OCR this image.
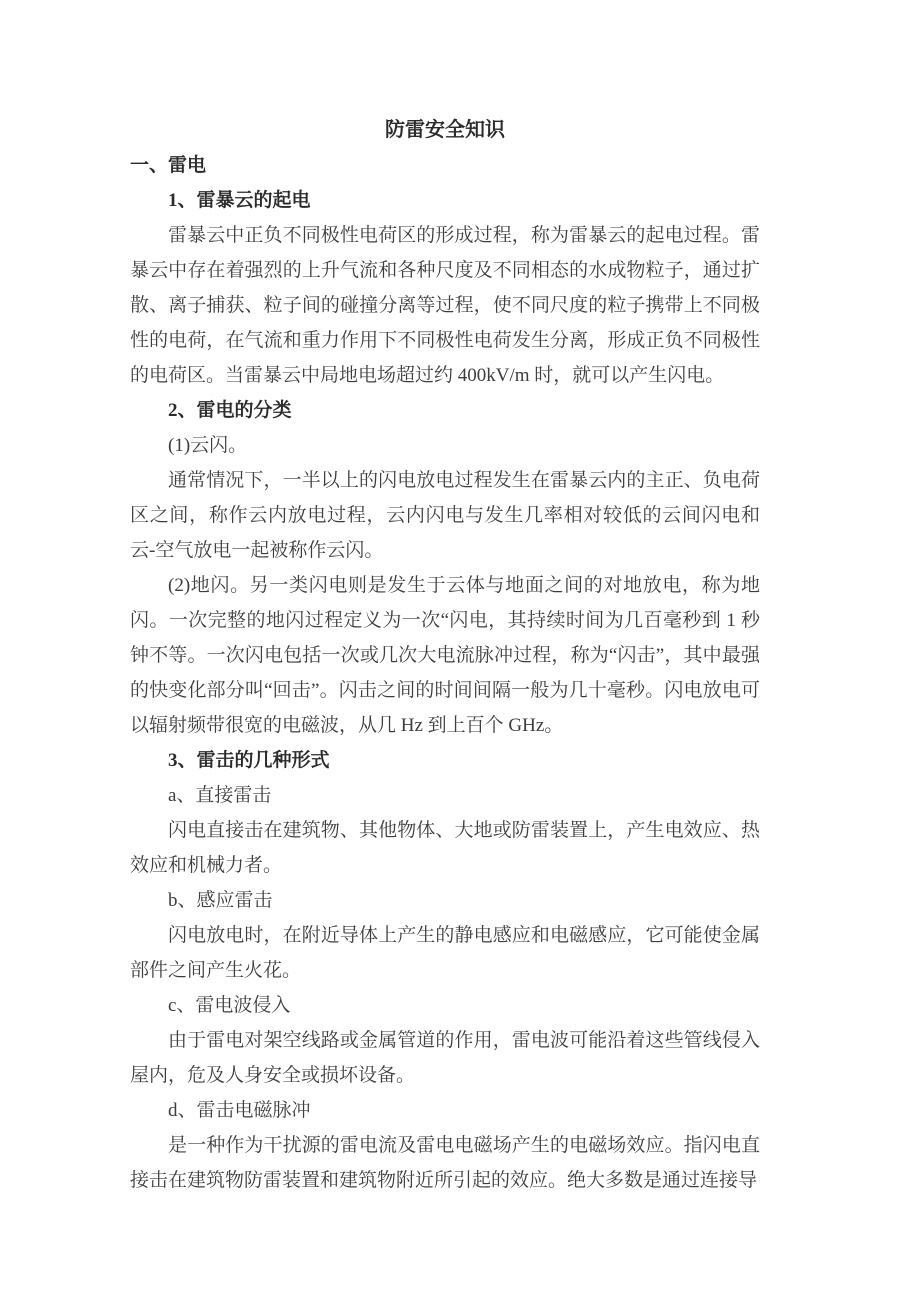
防雷安全知识
一、雷电
1、雷暴云的起电

雷暴云中正负不同极性电荷区的形成过程，称为雷暴云的起电过程。雷暴云中存在着强烈的上升气流和各种尺度及不同相态的水成物粒子，通过扩散、离子捕获、粒子间的碰撞分离等过程，使不同尺度的粒子携带上不同极性的电荷，在气流和重力作用下不同极性电荷发生分离，形成正负不同极性的电荷区。当雷暴云中局地电场超过约 400kV/m 时，就可以产生闪电。

2、雷电的分类
(1)云闪。

通常情况下，一半以上的闪电放电过程发生在雷暴云内的主正、负电荷区之间，称作云内放电过程，云内闪电与发生几率相对较低的云间闪电和云-空气放电一起被称作云闪。

(2)地闪。另一类闪电则是发生于云体与地面之间的对地放电，称为地闪。一次完整的地闪过程定义为一次“闪电，其持续时间为几百毫秒到 1 秒钟不等。一次闪电包括一次或几次大电流脉冲过程，称为“闪击”，其中最强的快变化部分叫“回击”。闪击之间的时间间隔一般为几十毫秒。闪电放电可以辐射频带很宽的电磁波，从几 Hz 到上百个 GHz。

3、雷击的几种形式
a、直接雷击

闪电直接击在建筑物、其他物体、大地或防雷装置上，产生电效应、热效应和机械力者。

b、感应雷击

闪电放电时，在附近导体上产生的静电感应和电磁感应，它可能使金属部件之间产生火花。

c、雷电波侵入

由于雷电对架空线路或金属管道的作用，雷电波可能沿着这些管线侵入屋内，危及人身安全或损坏设备。

d、雷击电磁脉冲

是一种作为干扰源的雷电流及雷电电磁场产生的电磁场效应。指闪电直接击在建筑物防雷装置和建筑物附近所引起的效应。绝大多数是通过连接导
